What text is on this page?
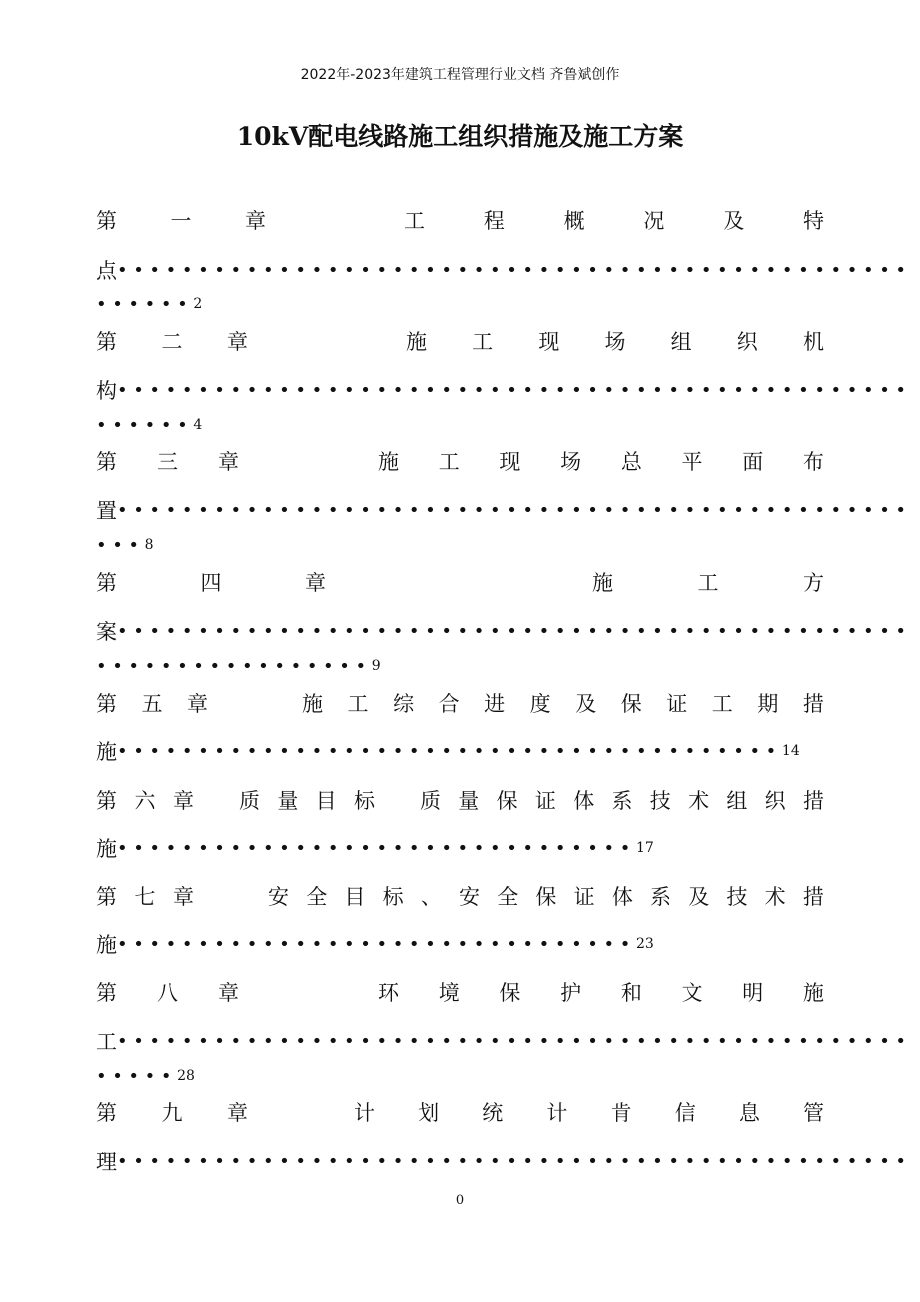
2022年-2023年建筑工程管理行业文档 齐鲁斌创作
10kV配电线路施工组织措施及施工方案
第	一	章	工	程	概	况	及	特
点 •••••••••••••••••••••••••••••••••••••••••••••••••
•••••• 2
第 二 章	施 工 现 场 组 织 机
构 •••••••••••••••••••••••••••••••••••••••••••••••••
•••••• 4
第 三 章	施 工 现 场 总 平 面 布
置 •••••••••••••••••••••••••••••••••••••••••••••••••
••• 8
第	四	章	施	工	方
案 •••••••••••••••••••••••••••••••••••••••••••••••••
••••••••••••••••• 9
第 五 章	施 工 综 合 进 度 及 保 证 工 期 措
施 ••••••••••••••••••••••••••••••••••••••••• 14
第 六 章 质 量 目 标 质 量 保 证 体 系 技 术 组 织 措
施 •••••••••••••••••••••••••••••••• 17
第 七 章	安 全 目 标 、 安 全 保 证 体 系 及 技 术 措
施 •••••••••••••••••••••••••••••••• 23
第 八 章	环 境 保 护 和 文 明 施
工 •••••••••••••••••••••••••••••••••••••••••••••••••
••••• 28
第 九 章	计 划 统 计 肯 信 息 管
理 •••••••••••••••••••••••••••••••••••••••••••••••••
0
